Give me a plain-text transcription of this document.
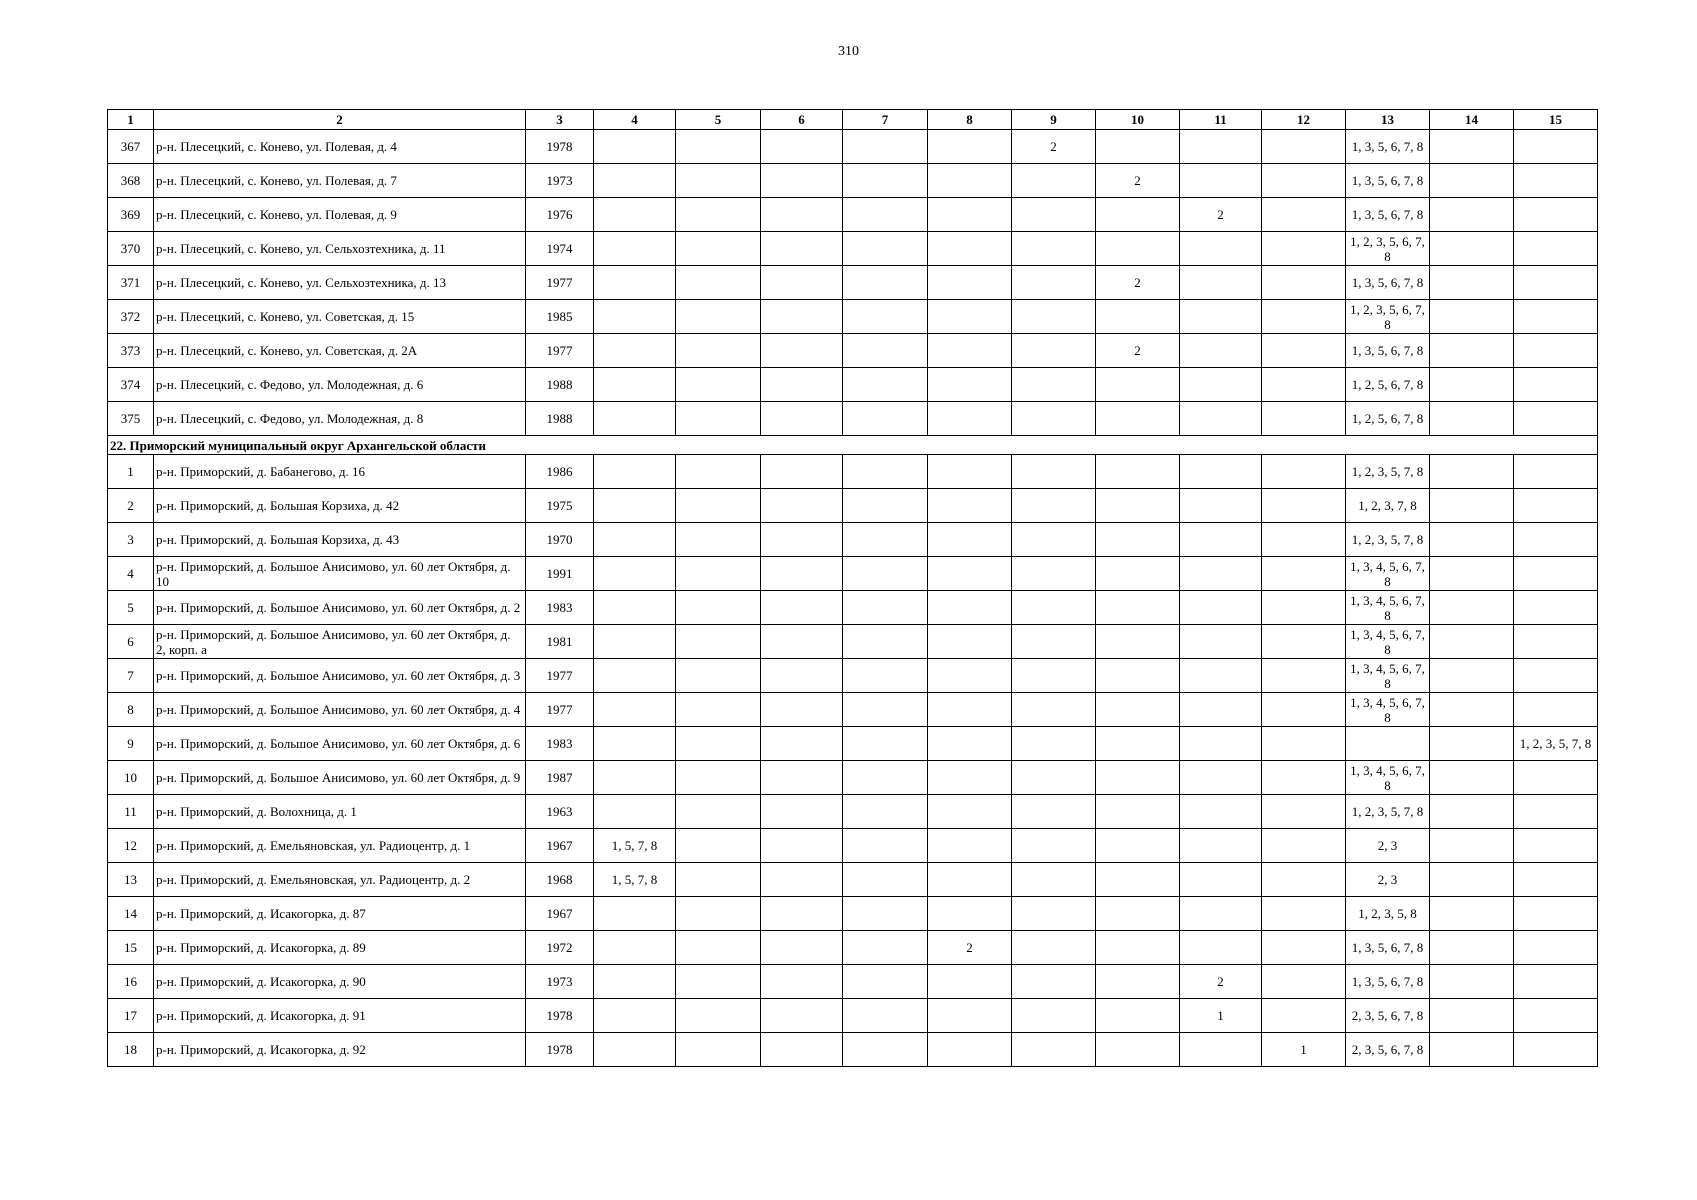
310
1	2	3	4	5	6	7	8	9	10	11	12	13	14	15
367	р-н. Плесецкий, с. Конево, ул. Полевая, д. 4	1978						2				1, 3, 5, 6, 7, 8		
368	р-н. Плесецкий, с. Конево, ул. Полевая, д. 7	1973							2			1, 3, 5, 6, 7, 8		
369	р-н. Плесецкий, с. Конево, ул. Полевая, д. 9	1976								2		1, 3, 5, 6, 7, 8		
370	р-н. Плесецкий, с. Конево, ул. Сельхозтехника, д. 11	1974										1, 2, 3, 5, 6, 7, 8		
371	р-н. Плесецкий, с. Конево, ул. Сельхозтехника, д. 13	1977							2			1, 3, 5, 6, 7, 8		
372	р-н. Плесецкий, с. Конево, ул. Советская, д. 15	1985										1, 2, 3, 5, 6, 7, 8		
373	р-н. Плесецкий, с. Конево, ул. Советская, д. 2А	1977							2			1, 3, 5, 6, 7, 8		
374	р-н. Плесецкий, с. Федово, ул. Молодежная, д. 6	1988										1, 2, 5, 6, 7, 8		
375	р-н. Плесецкий, с. Федово, ул. Молодежная, д. 8	1988										1, 2, 5, 6, 7, 8		
22. Приморский муниципальный округ Архангельской области														
1	р-н. Приморский, д. Бабанегово, д. 16	1986										1, 2, 3, 5, 7, 8		
2	р-н. Приморский, д. Большая Корзиха, д. 42	1975										1, 2, 3, 7, 8		
3	р-н. Приморский, д. Большая Корзиха, д. 43	1970										1, 2, 3, 5, 7, 8		
4	р-н. Приморский, д. Большое Анисимово, ул. 60 лет Октября, д. 10	1991										1, 3, 4, 5, 6, 7, 8		
5	р-н. Приморский, д. Большое Анисимово, ул. 60 лет Октября, д. 2	1983										1, 3, 4, 5, 6, 7, 8		
6	р-н. Приморский, д. Большое Анисимово, ул. 60 лет Октября, д. 2, корп. а	1981										1, 3, 4, 5, 6, 7, 8		
7	р-н. Приморский, д. Большое Анисимово, ул. 60 лет Октября, д. 3	1977										1, 3, 4, 5, 6, 7, 8		
8	р-н. Приморский, д. Большое Анисимово, ул. 60 лет Октября, д. 4	1977										1, 3, 4, 5, 6, 7, 8		
9	р-н. Приморский, д. Большое Анисимово, ул. 60 лет Октября, д. 6	1983												1, 2, 3, 5, 7, 8
10	р-н. Приморский, д. Большое Анисимово, ул. 60 лет Октября, д. 9	1987										1, 3, 4, 5, 6, 7, 8		
11	р-н. Приморский, д. Волохница, д. 1	1963										1, 2, 3, 5, 7, 8		
12	р-н. Приморский, д. Емельяновская, ул. Радиоцентр, д. 1	1967	1, 5, 7, 8									2, 3		
13	р-н. Приморский, д. Емельяновская, ул. Радиоцентр, д. 2	1968	1, 5, 7, 8									2, 3		
14	р-н. Приморский, д. Исакогорка, д. 87	1967										1, 2, 3, 5, 8		
15	р-н. Приморский, д. Исакогорка, д. 89	1972					2					1, 3, 5, 6, 7, 8		
16	р-н. Приморский, д. Исакогорка, д. 90	1973								2		1, 3, 5, 6, 7, 8		
17	р-н. Приморский, д. Исакогорка, д. 91	1978								1		2, 3, 5, 6, 7, 8		
18	р-н. Приморский, д. Исакогорка, д. 92	1978									1	2, 3, 5, 6, 7, 8		
